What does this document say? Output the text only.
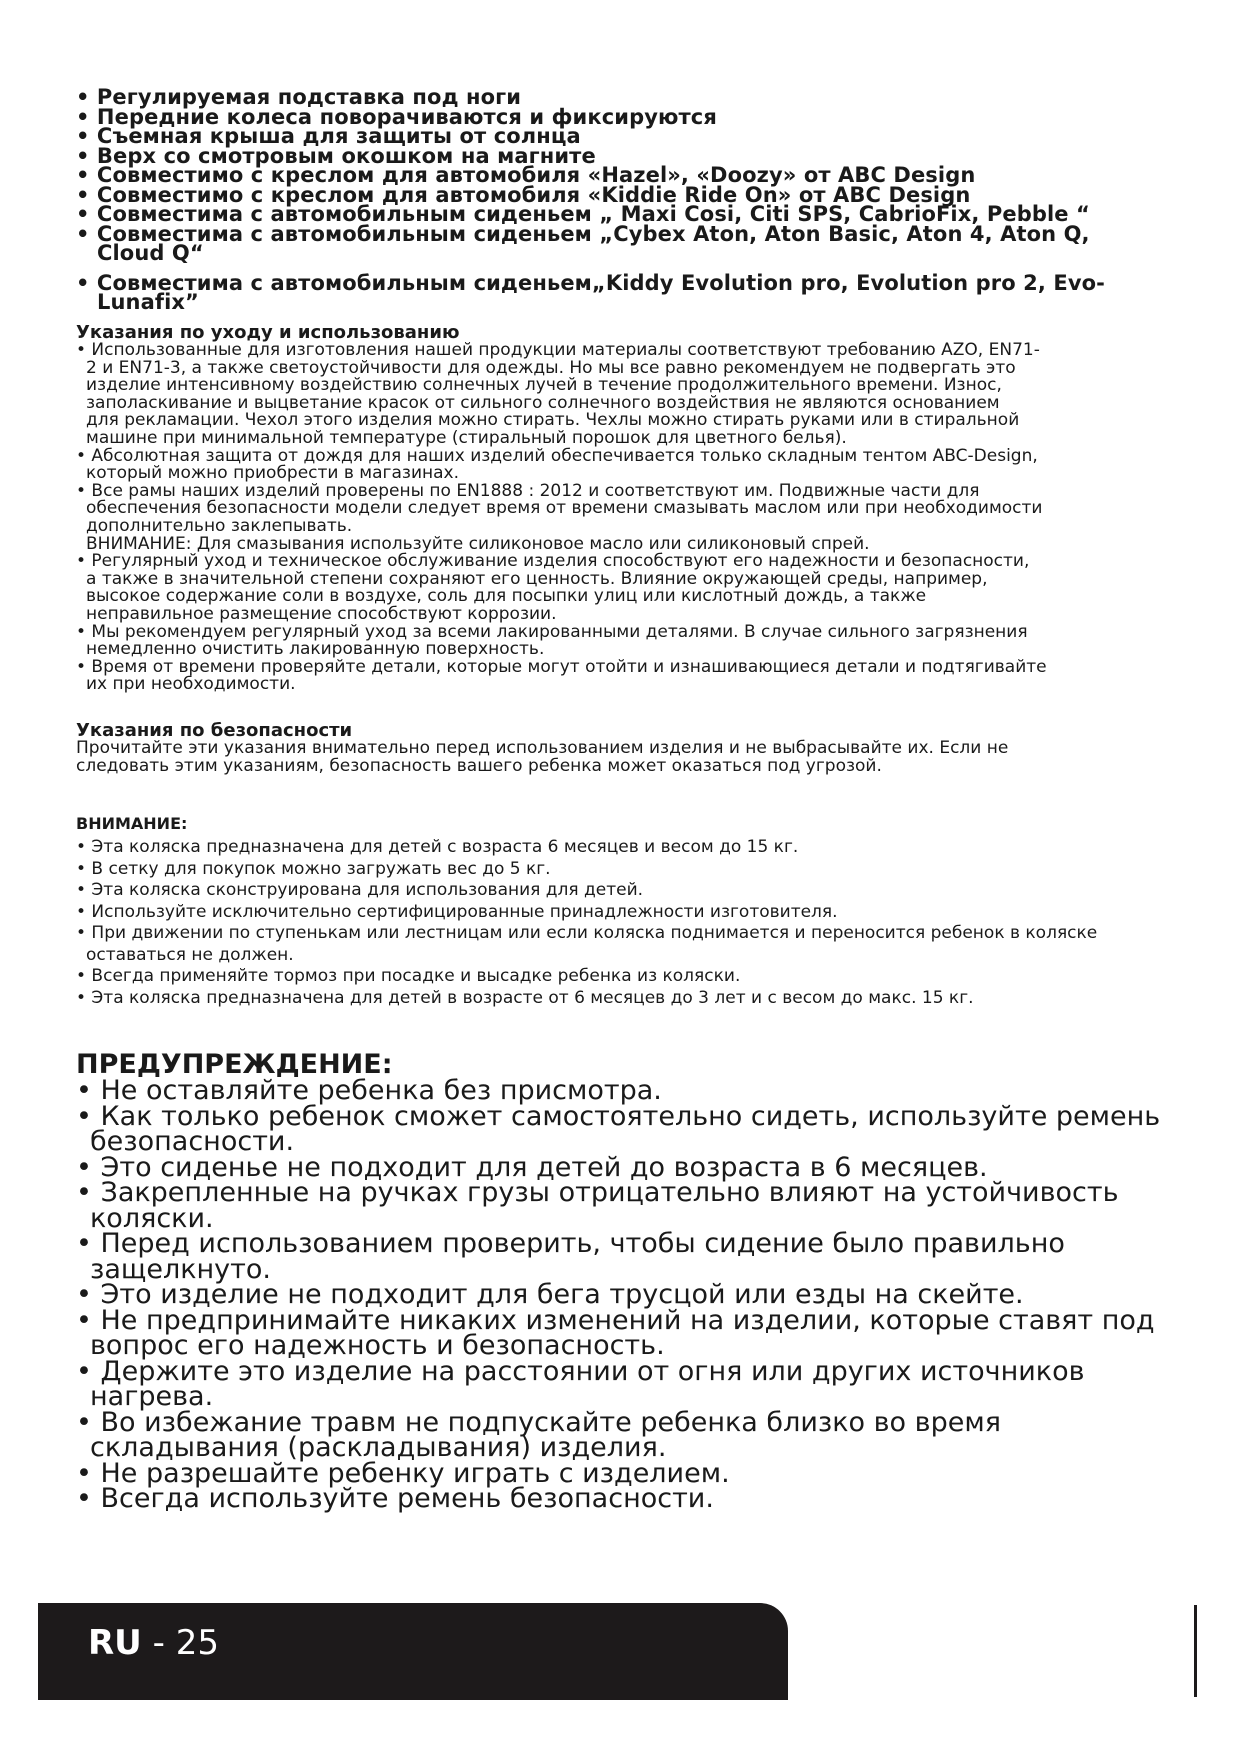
• Регулируемая подставка под ноги

• Передние колеса поворачиваются и фиксируются

• Съемная крыша для защиты от солнца

• Верх со смотровым окошком на магните

• Совместимо с креслом для автомобиля «Hazel», «Doozy» от ABC Design

• Совместимо с креслом для автомобиля «Kiddie Ride On» от ABC Design

• Совместима с автомобильным сиденьем „ Maxi Cosi, Citi SPS, CabrioFix, Pebble “

• Совместима с автомобильным сиденьем „Cybex Aton, Aton Basic, Aton 4, Aton Q,

Cloud Q“

• Совместима с автомобильным сиденьем„Kiddy Evolution pro, Evolution pro 2, Evo-

Lunafix”

Указания по уходу и использованию

• Использованные для изготовления нашей продукции материалы соответствуют требованию AZO, EN71-

2 и EN71-3, а также светоустойчивости для одежды. Но мы все равно рекомендуем не подвергать это

изделие интенсивному воздействию солнечных лучей в течение продолжительного времени. Износ,

заполаскивание и выцветание красок от сильного солнечного воздействия не являются основанием

для рекламации. Чехол этого изделия можно стирать. Чехлы можно стирать руками или в стиральной

машине при минимальной температуре (стиральный порошок для цветного белья).

• Абсолютная защита от дождя для наших изделий обеспечивается только складным тентом ABC-Design,

который можно приобрести в магазинах.

• Все рамы наших изделий проверены по EN1888 : 2012 и соответствуют им. Подвижные части для

обеспечения безопасности модели следует время от времени смазывать маслом или при необходимости

дополнительно заклепывать.

ВНИМАНИЕ: Для смазывания используйте силиконовое масло или силиконовый спрей.

• Регулярный уход и техническое обслуживание изделия способствуют его надежности и безопасности,

а также в значительной степени сохраняют его ценность. Влияние окружающей среды, например,

высокое содержание соли в воздухе, соль для посыпки улиц или кислотный дождь, а также

неправильное размещение способствуют коррозии.

• Мы рекомендуем регулярный уход за всеми лакированными деталями. В случае сильного загрязнения

немедленно очистить лакированную поверхность.

• Время от времени проверяйте детали, которые могут отойти и изнашивающиеся детали и подтягивайте

их при необходимости.

Указания по безопасности

Прочитайте эти указания внимательно перед использованием изделия и не выбрасывайте их. Если не

следовать этим указаниям, безопасность вашего ребенка может оказаться под угрозой.

ВНИМАНИЕ:

• Эта коляска предназначена для детей с возраста 6 месяцев и весом до 15 кг.

• В сетку для покупок можно загружать вес до 5 кг.

• Эта коляска сконструирована для использования для детей.

• Используйте исключительно сертифицированные принадлежности изготовителя.

• При движении по ступенькам или лестницам или если коляска поднимается и переносится ребенок в коляске оставаться не должен.

• Всегда применяйте тормоз при посадке и высадке ребенка из коляски.

• Эта коляска предназначена для детей в возрасте от 6 месяцев до 3 лет и с весом до макс. 15 кг.

ПРЕДУПРЕЖДЕНИЕ:

• Не оставляйте ребенка без присмотра.

• Как только ребенок сможет самостоятельно сидеть, используйте ремень безопасности.

• Это сиденье не подходит для детей до возраста в 6 месяцев.

• Закрепленные на ручках грузы отрицательно влияют на устойчивость коляски.

• Перед использованием проверить, чтобы сидение было правильно защелкнуто.

• Это изделие не подходит для бега трусцой или езды на скейте.

• Не предпринимайте никаких изменений на изделии, которые ставят под вопрос его надежность и безопасность.

• Держите это изделие на расстоянии от огня или других источников нагрева.

• Во избежание травм не подпускайте ребенка близко во время складывания (раскладывания) изделия.

• Не разрешайте ребенку играть с изделием.

• Всегда используйте ремень безопасности.

RU - 25
